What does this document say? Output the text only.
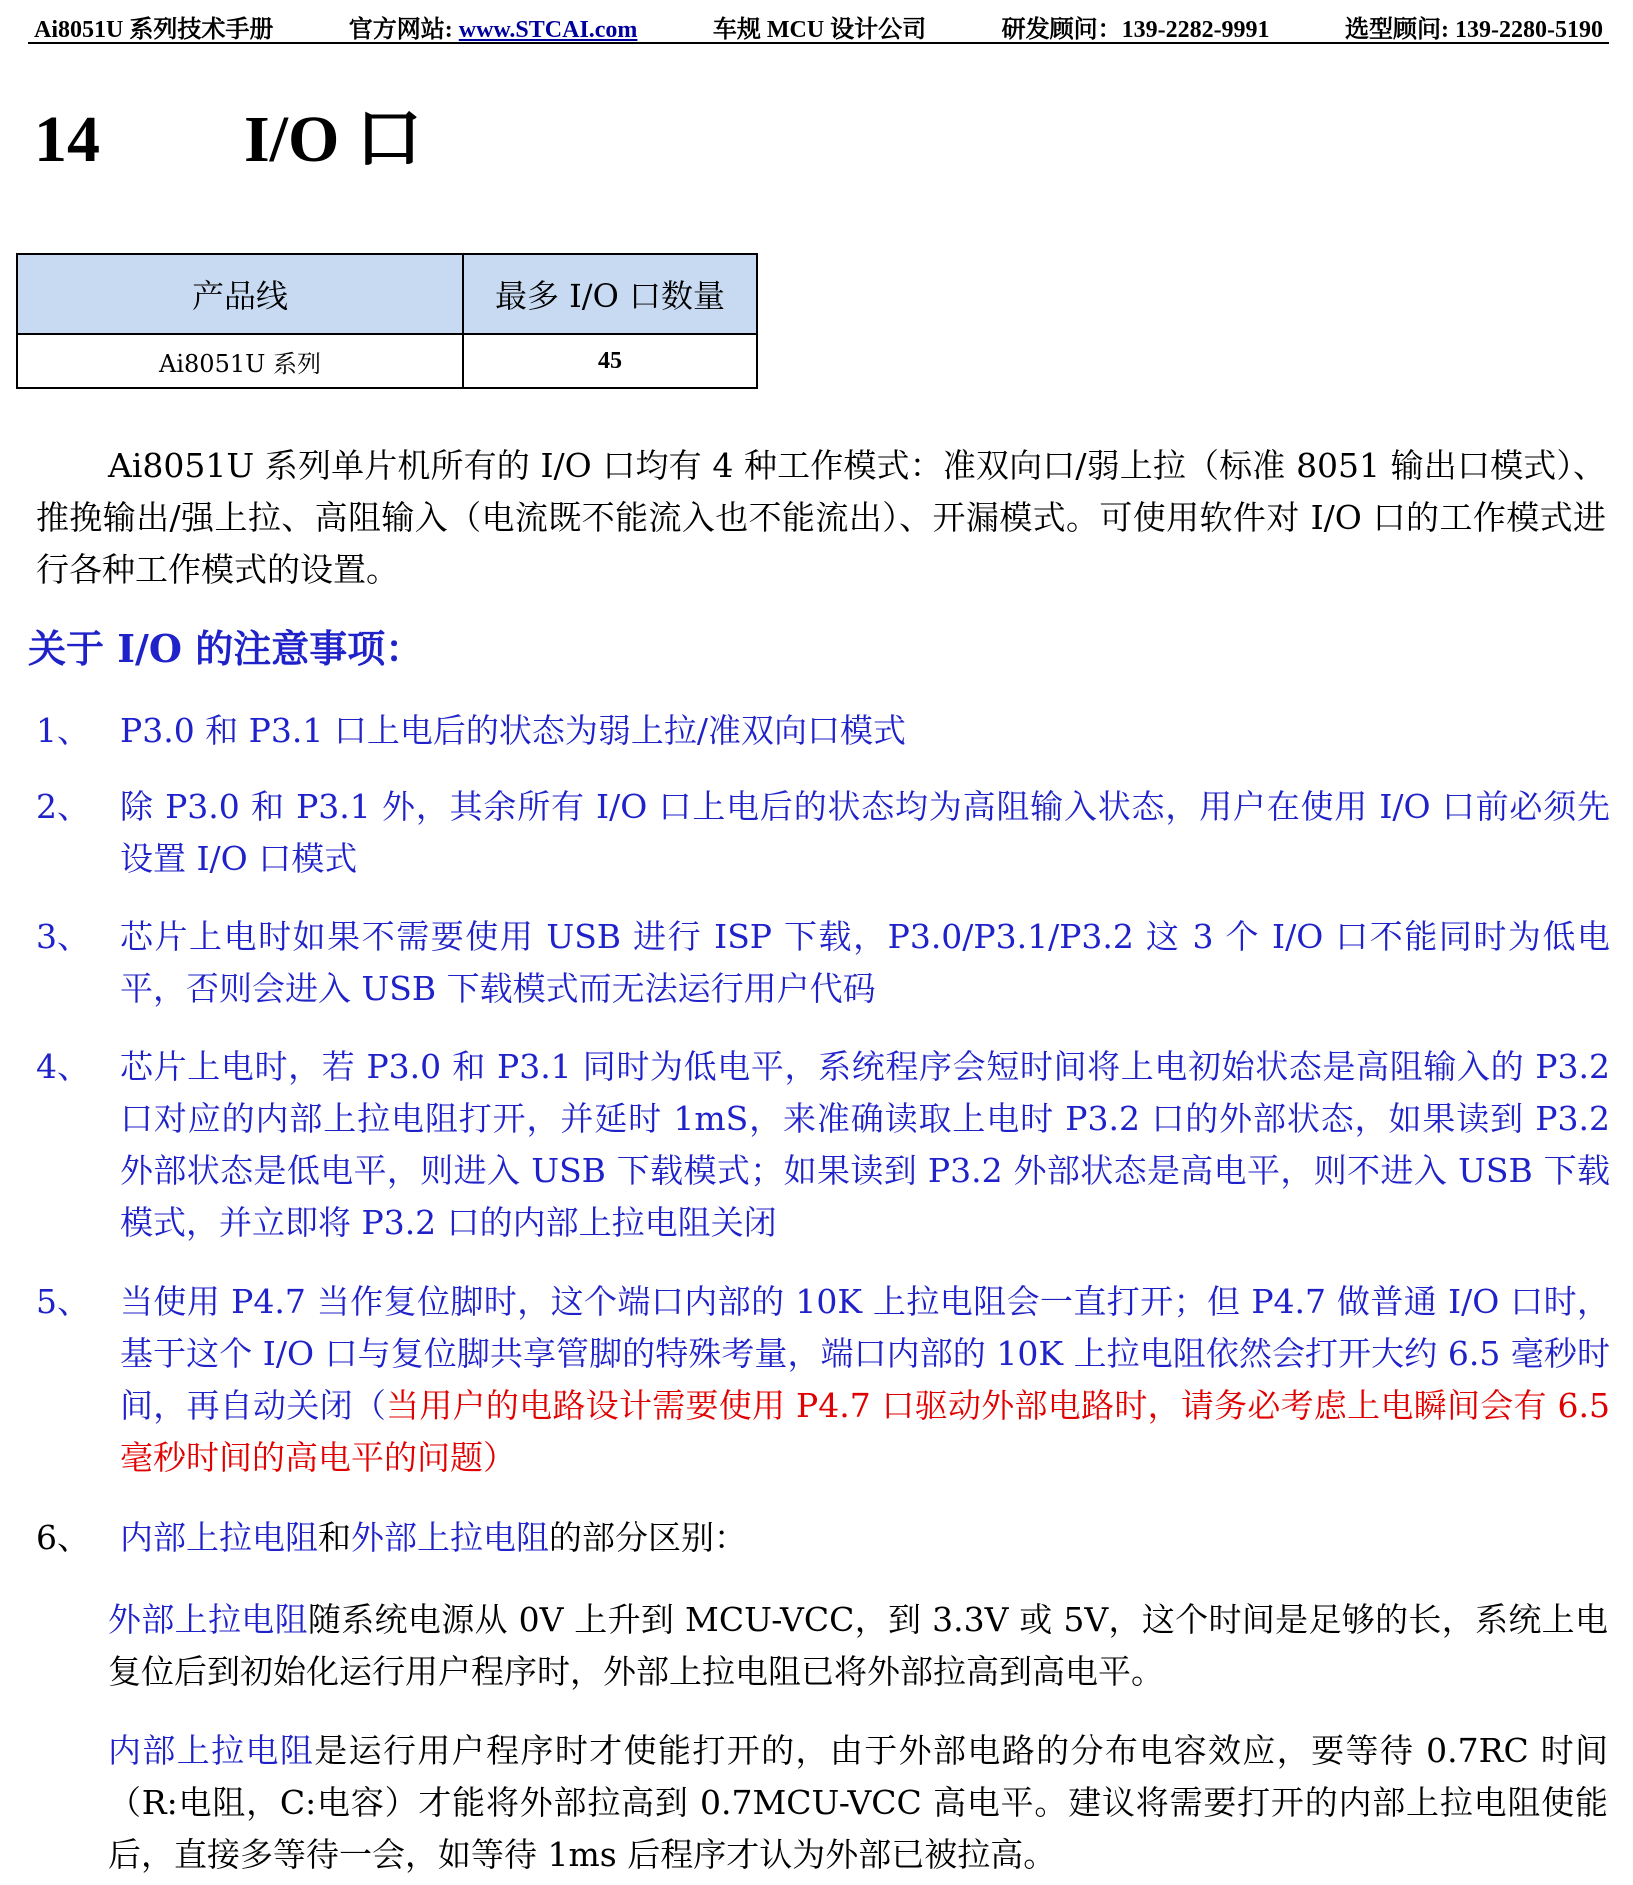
Ai8051U 系列技术手册	官方网站: www.STCAI.com	车规 MCU 设计公司	研发顾问：139-2282-9991	选型顾问: 139-2280-5190
14 I/O 口
产品线	最多 I/O 口数量
Ai8051U 系列	45
Ai8051U 系列单片机所有的 I/O 口均有 4 种工作模式：准双向口/弱上拉（标准 8051 输出口模式）、推挽输出/强上拉、高阻输入（电流既不能流入也不能流出）、开漏模式。可使用软件对 I/O 口的工作模式进行各种工作模式的设置。
关于 I/O 的注意事项：
1、 P3.0 和 P3.1 口上电后的状态为弱上拉/准双向口模式
2、 除 P3.0 和 P3.1 外，其余所有 I/O 口上电后的状态均为高阻输入状态，用户在使用 I/O 口前必须先设置 I/O 口模式
3、 芯片上电时如果不需要使用 USB 进行 ISP 下载，P3.0/P3.1/P3.2 这 3 个 I/O 口不能同时为低电平，否则会进入 USB 下载模式而无法运行用户代码
4、 芯片上电时，若 P3.0 和 P3.1 同时为低电平，系统程序会短时间将上电初始状态是高阻输入的 P3.2 口对应的内部上拉电阻打开，并延时 1mS，来准确读取上电时 P3.2 口的外部状态，如果读到 P3.2 外部状态是低电平，则进入 USB 下载模式；如果读到 P3.2 外部状态是高电平，则不进入 USB 下载模式，并立即将 P3.2 口的内部上拉电阻关闭
5、 当使用 P4.7 当作复位脚时，这个端口内部的 10K 上拉电阻会一直打开；但 P4.7 做普通 I/O 口时，基于这个 I/O 口与复位脚共享管脚的特殊考量，端口内部的 10K 上拉电阻依然会打开大约 6.5 毫秒时间，再自动关闭（当用户的电路设计需要使用 P4.7 口驱动外部电路时，请务必考虑上电瞬间会有 6.5 毫秒时间的高电平的问题）
6、 内部上拉电阻和外部上拉电阻的部分区别：
外部上拉电阻随系统电源从 0V 上升到 MCU-VCC，到 3.3V 或 5V，这个时间是足够的长，系统上电复位后到初始化运行用户程序时，外部上拉电阻已将外部拉高到高电平。
内部上拉电阻是运行用户程序时才使能打开的，由于外部电路的分布电容效应，要等待 0.7RC 时间（R:电阻，C:电容）才能将外部拉高到 0.7MCU-VCC 高电平。建议将需要打开的内部上拉电阻使能后，直接多等待一会，如等待 1ms 后程序才认为外部已被拉高。
